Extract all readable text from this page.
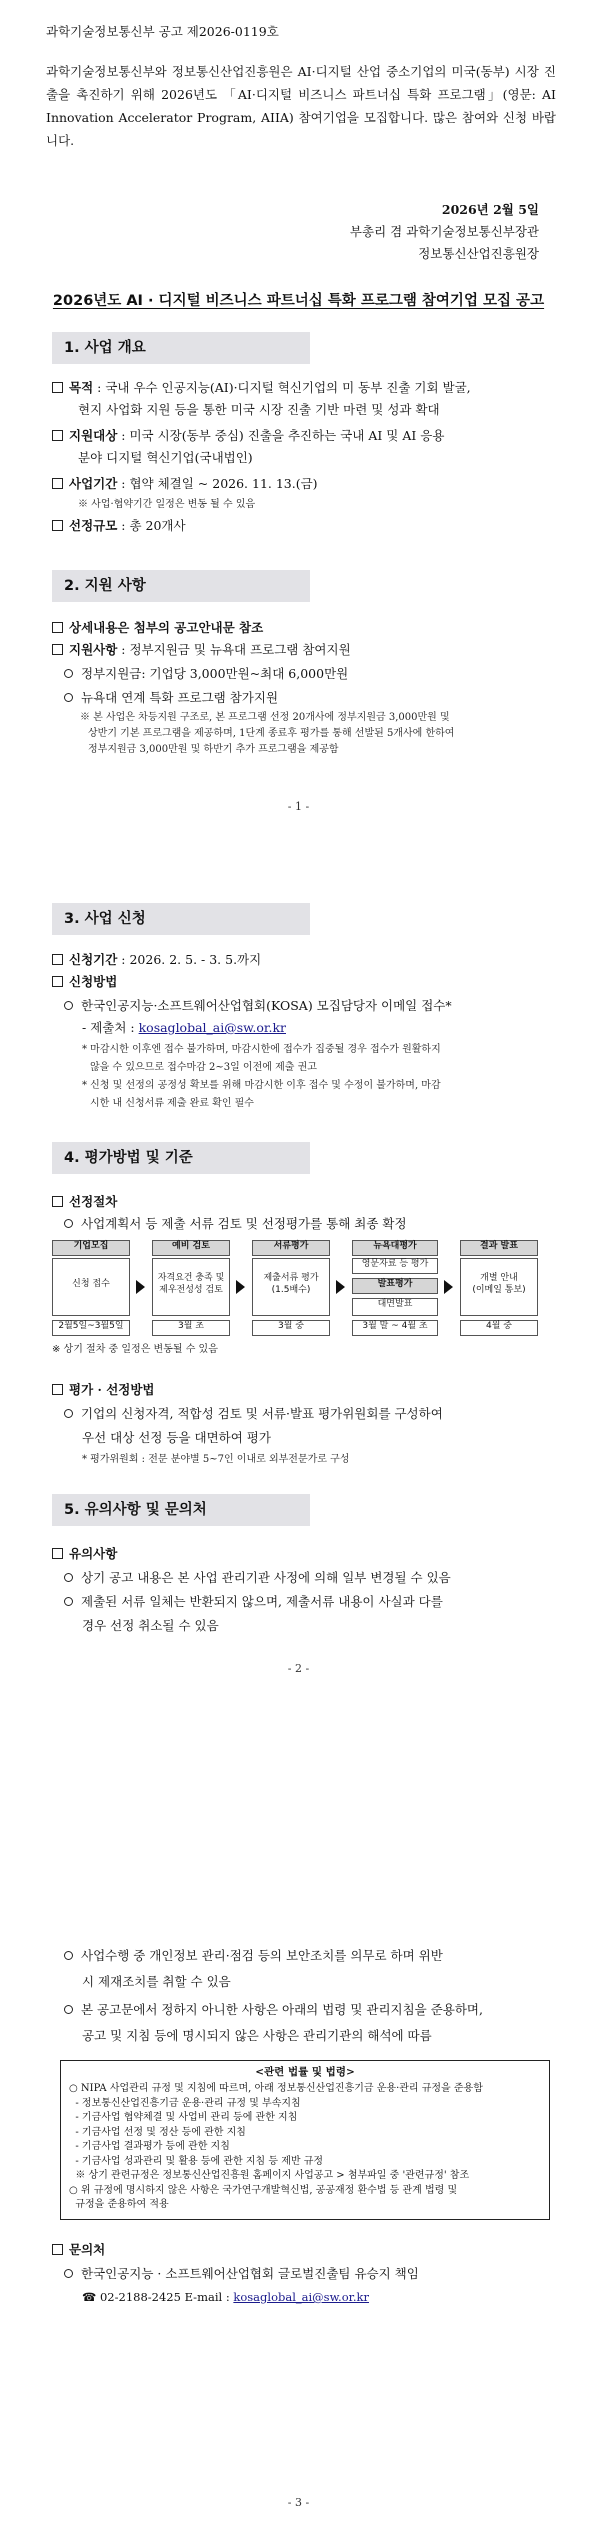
과학기술정보통신부 공고 제2026-0119호
과학기술정보통신부와 정보통신산업진흥원은 AI·디지털 산업 중소기업의 미국(동부) 시장 진출을 촉진하기 위해 2026년도 「AI·디지털 비즈니스 파트너십 특화 프로그램」(영문: AI Innovation Accelerator Program, AIIA) 참여기업을 모집합니다. 많은 참여와 신청 바랍니다.
2026년 2월 5일
부총리 겸 과학기술정보통신부장관
정보통신산업진흥원장
2026년도 AI · 디지털 비즈니스 파트너십 특화 프로그램 참여기업 모집 공고
1. 사업 개요
목적 : 국내 우수 인공지능(AI)·디지털 혁신기업의 미 동부 진출 기회 발굴,
현지 사업화 지원 등을 통한 미국 시장 진출 기반 마련 및 성과 확대
지원대상 : 미국 시장(동부 중심) 진출을 추진하는 국내 AI 및 AI 응용
분야 디지털 혁신기업(국내법인)
사업기간 : 협약 체결일 ~ 2026. 11. 13.(금)
※ 사업·협약기간 일정은 변동 될 수 있음
선정규모 : 총 20개사
2. 지원 사항
상세내용은 첨부의 공고안내문 참조
지원사항 : 정부지원금 및 뉴욕대 프로그램 참여지원
정부지원금: 기업당 3,000만원~최대 6,000만원
뉴욕대 연계 특화 프로그램 참가지원
※ 본 사업은 차등지원 구조로, 본 프로그램 선정 20개사에 정부지원금 3,000만원 및
상반기 기본 프로그램을 제공하며, 1단계 종료후 평가를 통해 선발된 5개사에 한하여
정부지원금 3,000만원 및 하반기 추가 프로그램을 제공함
- 1 -
3. 사업 신청
신청기간 : 2026. 2. 5. - 3. 5.까지
신청방법
한국인공지능·소프트웨어산업협회(KOSA) 모집담당자 이메일 접수*
- 제출처 : kosaglobal_ai@sw.or.kr
* 마감시한 이후엔 접수 불가하며, 마감시한에 접수가 집중될 경우 접수가 원활하지
않을 수 있으므로 접수마감 2~3일 이전에 제출 권고
* 신청 및 선정의 공정성 확보를 위해 마감시한 이후 접수 및 수정이 불가하며, 마감
시한 내 신청서류 제출 완료 확인 필수
4. 평가방법 및 기준
선정절차
사업계획서 등 제출 서류 검토 및 선정평가를 통해 최종 확정
기업모집
신청 접수
2월5일~3월5일
예비 검토
자격요건 충족 및
제우전성성 검토
3월 초
서류평가
제출서류 평가
(1.5배수)
3월 중
뉴욕대평가
영문자료 등 평가
발표평가
대면발표
3월 말 ~ 4월 초
결과 발표
개별 안내
(이메일 통보)
4월 중
※ 상기 절차 중 일정은 변동될 수 있음
평가 · 선정방법
기업의 신청자격, 적합성 검토 및 서류·발표 평가위원회를 구성하여
우선 대상 선정 등을 대면하여 평가
* 평가위원회 : 전문 분야별 5~7인 이내로 외부전문가로 구성
5. 유의사항 및 문의처
유의사항
상기 공고 내용은 본 사업 관리기관 사정에 의해 일부 변경될 수 있음
제출된 서류 일체는 반환되지 않으며, 제출서류 내용이 사실과 다를
경우 선정 취소될 수 있음
- 2 -
사업수행 중 개인정보 관리·점검 등의 보안조치를 의무로 하며 위반
시 제재조치를 취할 수 있음
본 공고문에서 정하지 아니한 사항은 아래의 법령 및 관리지침을 준용하며,
공고 및 지침 등에 명시되지 않은 사항은 관리기관의 해석에 따름
<관련 법률 및 법령>
○ NIPA 사업관리 규정 및 지침에 따르며, 아래 정보통신산업진흥기금 운용·관리 규정을 준용함
- 정보통신산업진흥기금 운용·관리 규정 및 부속지침
- 기금사업 협약체결 및 사업비 관리 등에 관한 지침
- 기금사업 선정 및 정산 등에 관한 지침
- 기금사업 결과평가 등에 관한 지침
- 기금사업 성과관리 및 활용 등에 관한 지침 등 제반 규정
※ 상기 관련규정은 정보통신산업진흥원 홈페이지 사업공고 > 첨부파일 중 '관련규정' 참조
○ 위 규정에 명시하지 않은 사항은 국가연구개발혁신법, 공공재정 환수법 등 관계 법령 및
규정을 준용하여 적용
문의처
한국인공지능 · 소프트웨어산업협회 글로벌진출팀 유승지 책임
☎ 02-2188-2425 E-mail : kosaglobal_ai@sw.or.kr
- 3 -
